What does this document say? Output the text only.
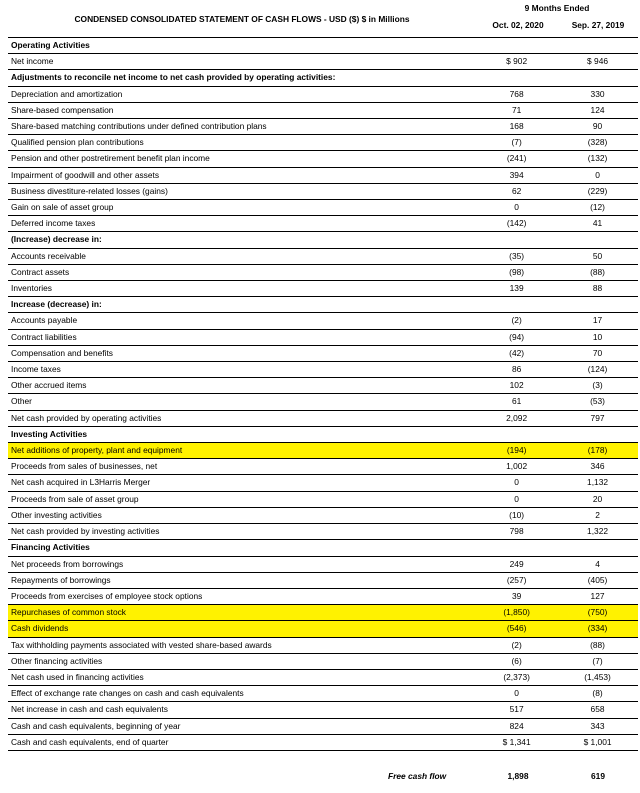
CONDENSED CONSOLIDATED STATEMENT OF CASH FLOWS - USD ($) $ in Millions
9 Months Ended
Oct. 02, 2020	Sep. 27, 2019
Operating Activities		
Net income	$ 902	$ 946
Adjustments to reconcile net income to net cash provided by operating activities:		
Depreciation and amortization	768	330
Share-based compensation	71	124
Share-based matching contributions under defined contribution plans	168	90
Qualified pension plan contributions	(7)	(328)
Pension and other postretirement benefit plan income	(241)	(132)
Impairment of goodwill and other assets	394	0
Business divestiture-related losses (gains)	62	(229)
Gain on sale of asset group	0	(12)
Deferred income taxes	(142)	41
(Increase) decrease in:		
Accounts receivable	(35)	50
Contract assets	(98)	(88)
Inventories	139	88
Increase (decrease) in:		
Accounts payable	(2)	17
Contract liabilities	(94)	10
Compensation and benefits	(42)	70
Income taxes	86	(124)
Other accrued items	102	(3)
Other	61	(53)
Net cash provided by operating activities	2,092	797
Investing Activities		
Net additions of property, plant and equipment	(194)	(178)
Proceeds from sales of businesses, net	1,002	346
Net cash acquired in L3Harris Merger	0	1,132
Proceeds from sale of asset group	0	20
Other investing activities	(10)	2
Net cash provided by investing activities	798	1,322
Financing Activities		
Net proceeds from borrowings	249	4
Repayments of borrowings	(257)	(405)
Proceeds from exercises of employee stock options	39	127
Repurchases of common stock	(1,850)	(750)
Cash dividends	(546)	(334)
Tax withholding payments associated with vested share-based awards	(2)	(88)
Other financing activities	(6)	(7)
Net cash used in financing activities	(2,373)	(1,453)
Effect of exchange rate changes on cash and cash equivalents	0	(8)
Net increase in cash and cash equivalents	517	658
Cash and cash equivalents, beginning of year	824	343
Cash and cash equivalents, end of quarter	$ 1,341	$ 1,001
Free cash flow	1,898	619
